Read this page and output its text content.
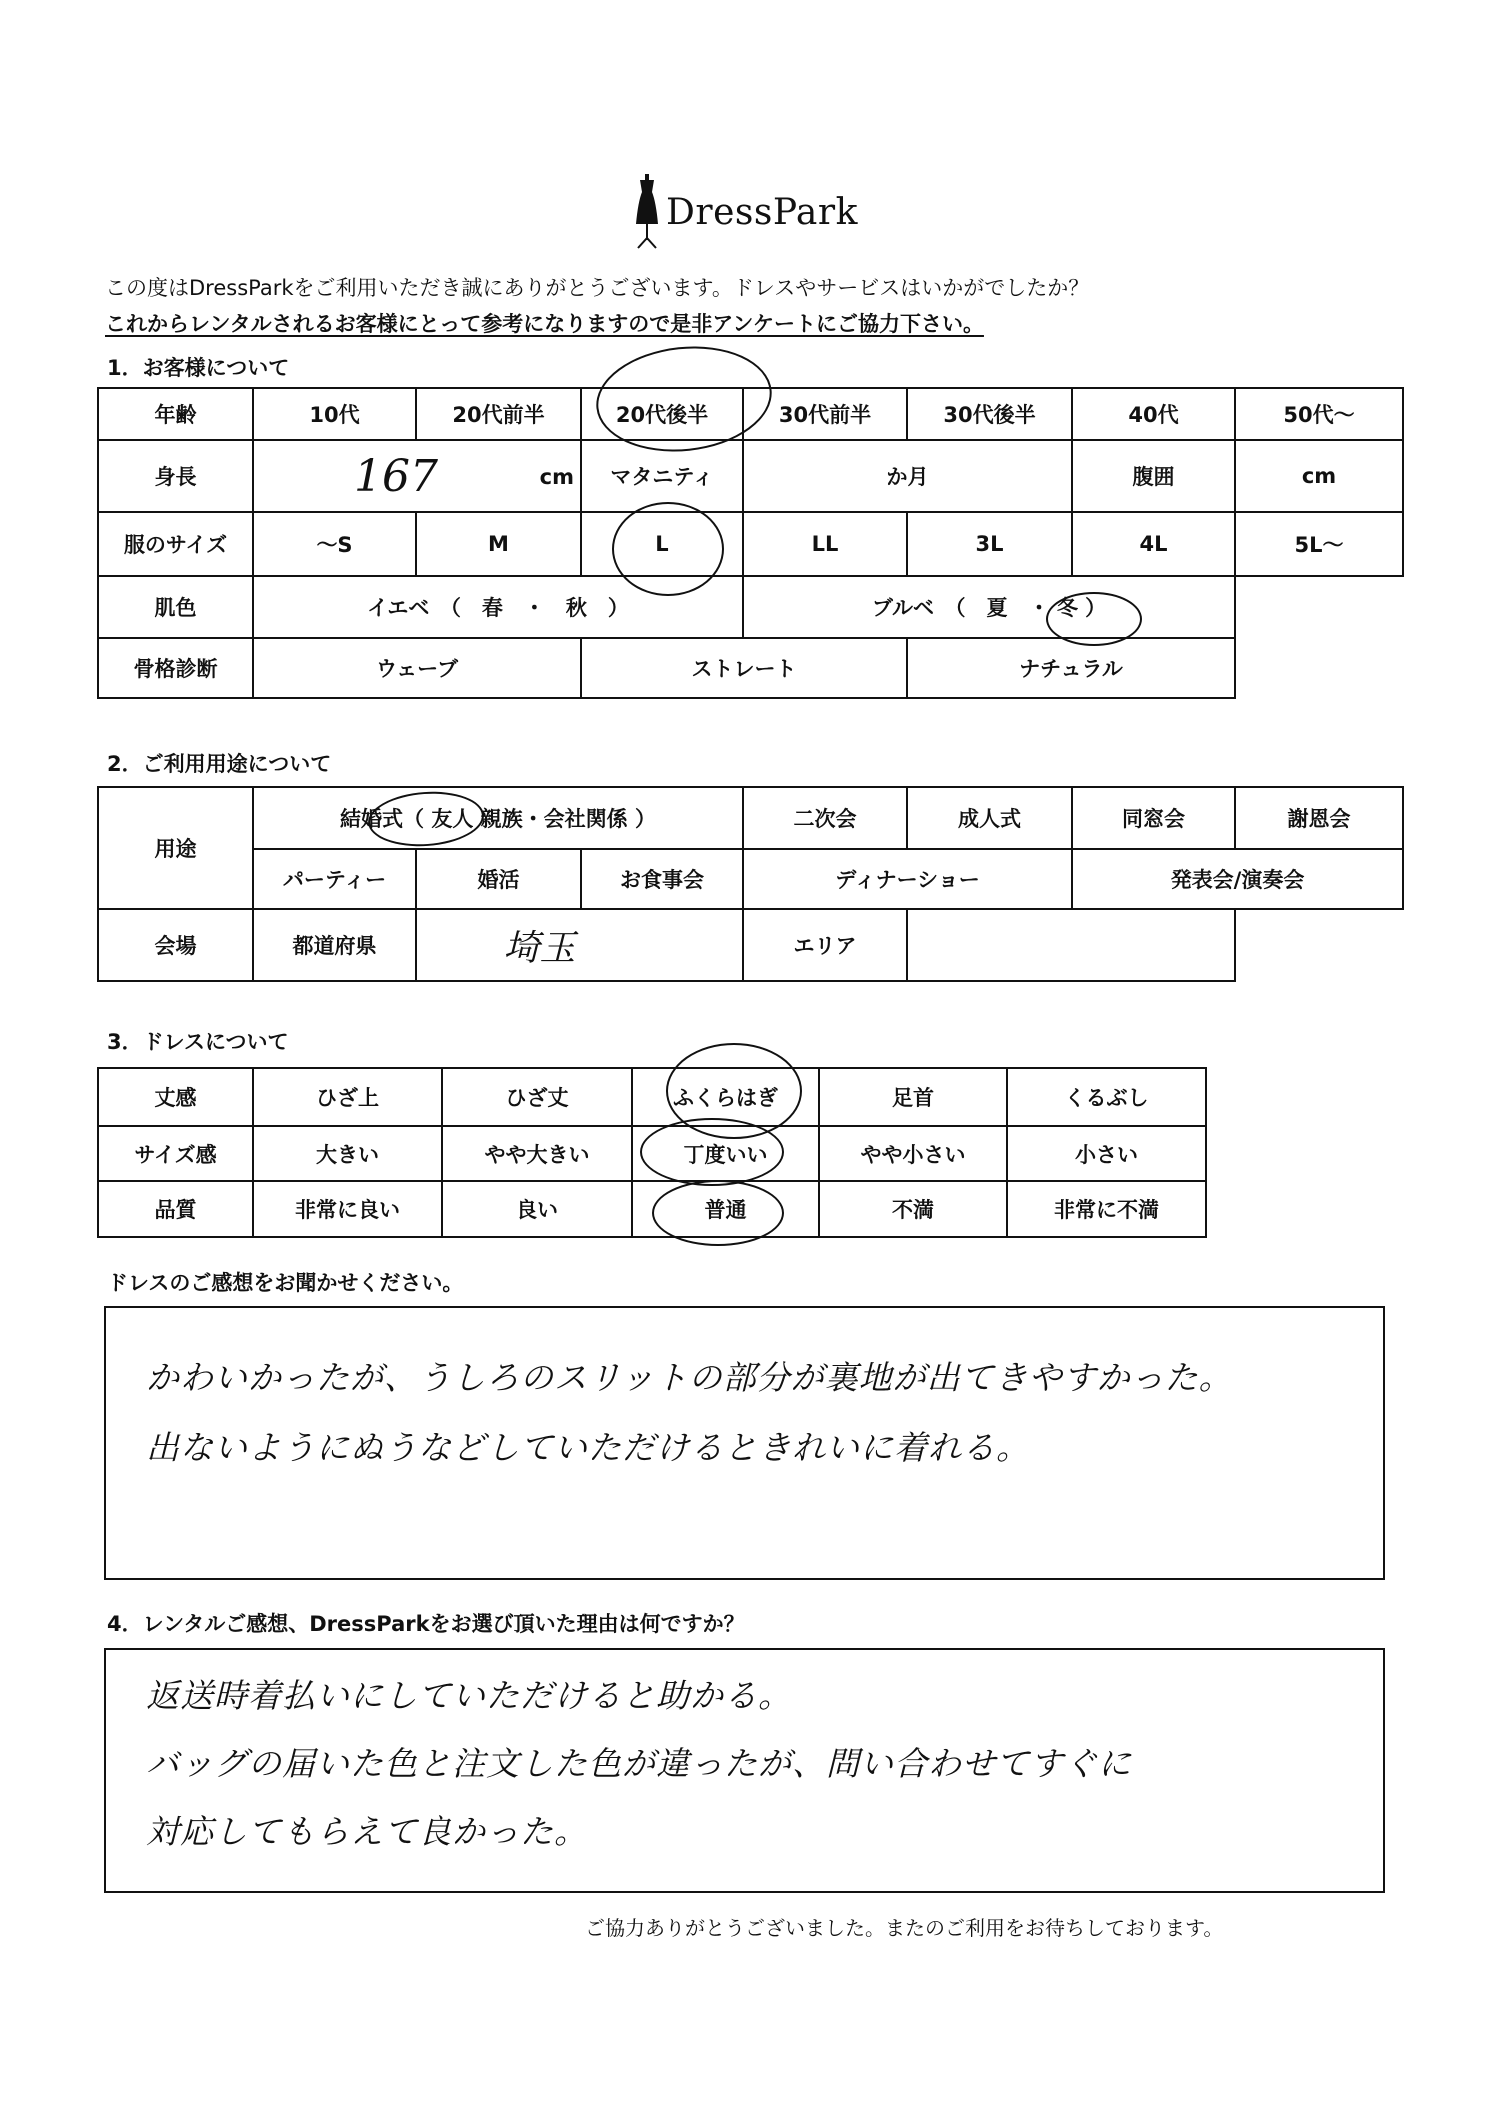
DressPark
この度はDressParkをご利用いただき誠にありがとうございます。ドレスやサービスはいかがでしたか？
これからレンタルされるお客様にとって参考になりますので是非アンケートにご協力下さい。
1．お客様について
年齢	10代	20代前半	20代後半	30代前半	30代後半	40代	50代〜
身長	167 cm		マタニティ	か月		腹囲	cm
服のサイズ	〜S	M	L	LL	3L	4L	5L〜
肌色	イエベ　（　春　・　秋　）			ブルベ　（　夏　・ 冬 ）			
骨格診断	ウェーブ		ストレート		ナチュラル		
2．ご利用用途について
用途	結婚式（ 友人 親族・会社関係 ）			二次会	成人式	同窓会	謝恩会
	パーティー	婚活	お食事会	ディナーショー		発表会/演奏会	
会場	都道府県	埼玉		エリア			
3．ドレスについて
丈感	ひざ上	ひざ丈	ふくらはぎ	足首	くるぶし
サイズ感	大きい	やや大きい	丁度いい	やや小さい	小さい
品質	非常に良い	良い	普通	不満	非常に不満
ドレスのご感想をお聞かせください。
かわいかったが、うしろのスリットの部分が裏地が出てきやすかった。
出ないようにぬうなどしていただけるときれいに着れる。
4．レンタルご感想、DressParkをお選び頂いた理由は何ですか？
返送時着払いにしていただけると助かる。
バッグの届いた色と注文した色が違ったが、問い合わせてすぐに
対応してもらえて良かった。
ご協力ありがとうございました。またのご利用をお待ちしております。
